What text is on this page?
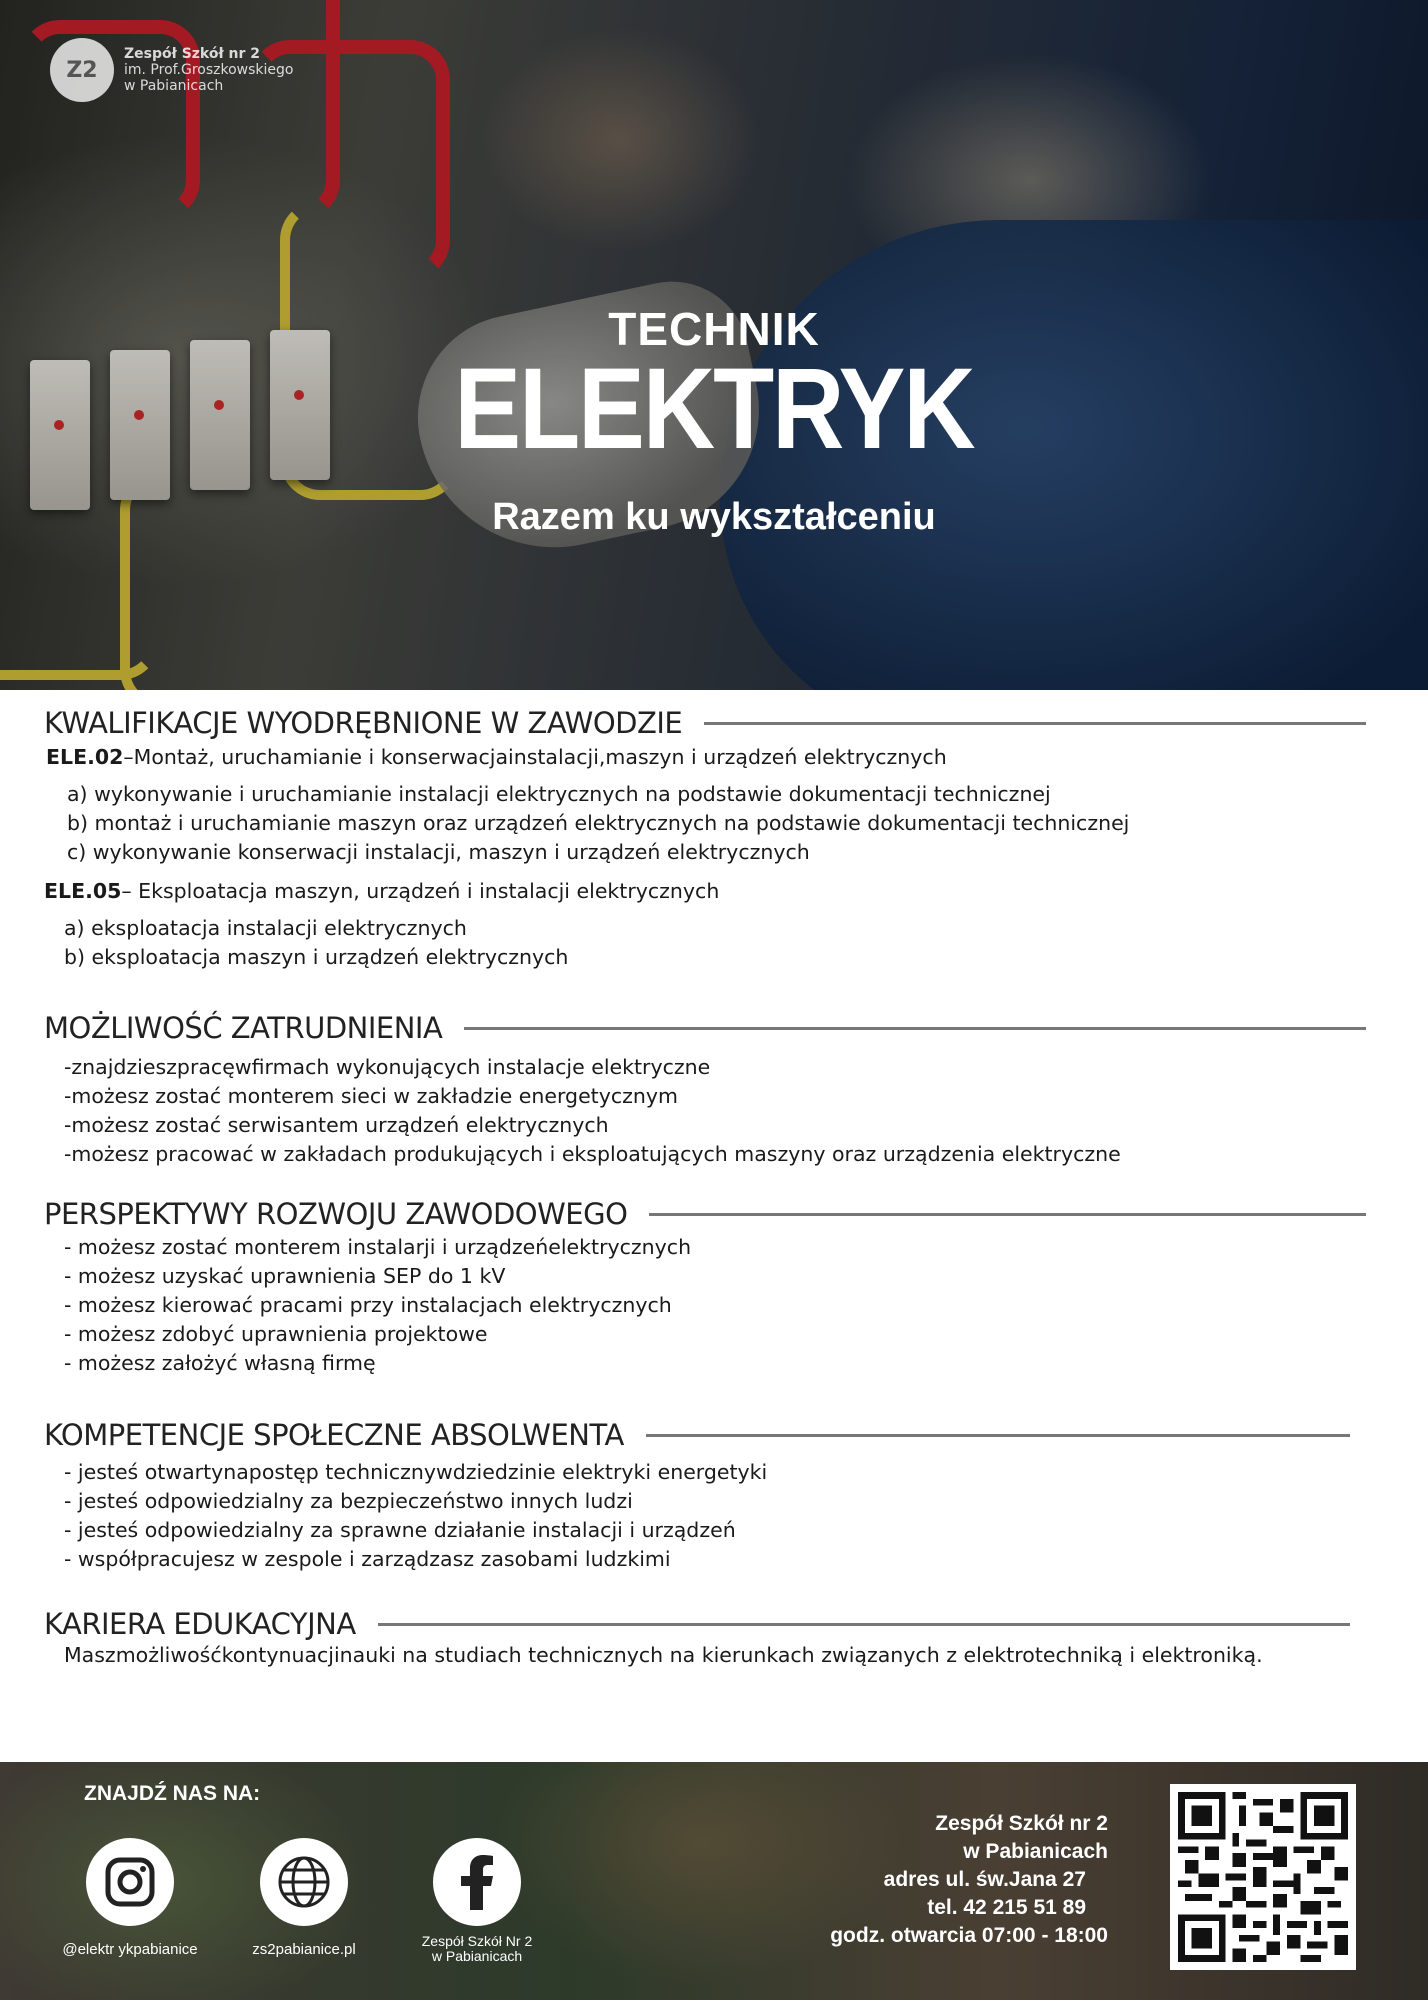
Z2
Zespół Szkół nr 2
im. Prof.Groszkowskiego
w Pabianicach
TECHNIK
ELEKTRYK
Razem ku wykształceniu
KWALIFIKACJE WYODRĘBNIONE W ZAWODZIE
ELE.02–Montaż, uruchamianie i konserwacjainstalacji,maszyn i urządzeń elektrycznych
a) wykonywanie i uruchamianie instalacji elektrycznych na podstawie dokumentacji technicznej
b) montaż i uruchamianie maszyn oraz urządzeń elektrycznych na podstawie dokumentacji technicznej
c) wykonywanie konserwacji instalacji, maszyn i urządzeń elektrycznych
ELE.05– Eksploatacja maszyn, urządzeń i instalacji elektrycznych
a) eksploatacja instalacji elektrycznych
b) eksploatacja maszyn i urządzeń elektrycznych
MOŻLIWOŚĆ ZATRUDNIENIA
-znajdzieszpracęwfirmach wykonujących instalacje elektryczne
-możesz zostać monterem sieci w zakładzie energetycznym
-możesz zostać serwisantem urządzeń elektrycznych
-możesz pracować w zakładach produkujących i eksploatujących maszyny oraz urządzenia elektryczne
PERSPEKTYWY ROZWOJU ZAWODOWEGO
- możesz zostać monterem instalarji i urządzeńelektrycznych
- możesz uzyskać uprawnienia SEP do 1 kV
- możesz kierować pracami przy instalacjach elektrycznych
- możesz zdobyć uprawnienia projektowe
- możesz założyć własną firmę
KOMPETENCJE SPOŁECZNE ABSOLWENTA
- jesteś otwartynapostęp technicznywdziedzinie elektryki energetyki
- jesteś odpowiedzialny za bezpieczeństwo innych ludzi
- jesteś odpowiedzialny za sprawne działanie instalacji i urządzeń
- współpracujesz w zespole i zarządzasz zasobami ludzkimi
KARIERA EDUKACYJNA
Maszmożliwośćkontynuacjinauki na studiach technicznych na kierunkach związanych z elektrotechniką i elektroniką.
ZNAJDŹ NAS NA:
@elektr ykpabianice	zs2pabianice.pl	Zespół Szkół Nr 2
w Pabianicach
Zespół Szkół nr 2
w Pabianicach
adres ul. św.Jana 27
tel. 42 215 51 89
godz. otwarcia 07:00 - 18:00
